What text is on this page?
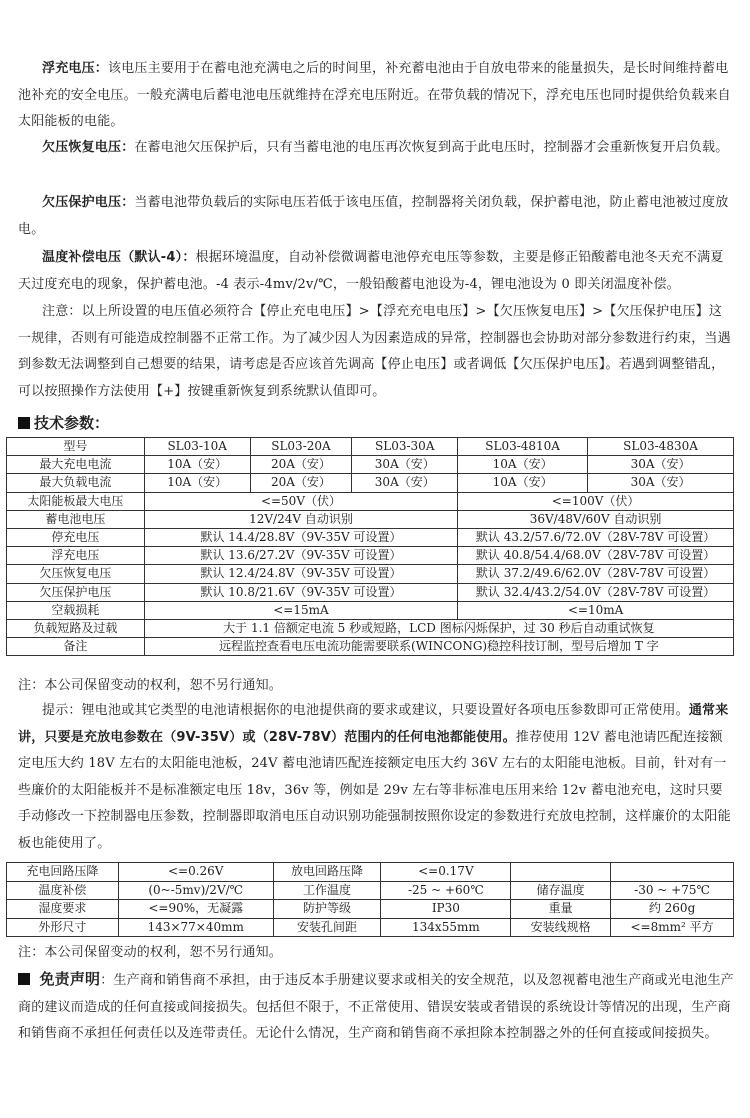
浮充电压：该电压主要用于在蓄电池充满电之后的时间里，补充蓄电池由于自放电带来的能量损失，是长时间维持蓄电池补充的安全电压。一般充满电后蓄电池电压就维持在浮充电压附近。在带负载的情况下，浮充电压也同时提供给负载来自太阳能板的电能。

欠压恢复电压：在蓄电池欠压保护后，只有当蓄电池的电压再次恢复到高于此电压时，控制器才会重新恢复开启负载。

欠压保护电压：当蓄电池带负载后的实际电压若低于该电压值，控制器将关闭负载，保护蓄电池，防止蓄电池被过度放电。

温度补偿电压（默认-4）：根据环境温度，自动补偿微调蓄电池停充电压等参数，主要是修正铅酸蓄电池冬天充不满夏天过度充电的现象，保护蓄电池。-4 表示-4mv/2v/℃，一般铅酸蓄电池设为-4，锂电池设为 0 即关闭温度补偿。

注意：以上所设置的电压值必须符合【停止充电电压】>【浮充充电电压】>【欠压恢复电压】>【欠压保护电压】这一规律，否则有可能造成控制器不正常工作。为了减少因人为因素造成的异常，控制器也会协助对部分参数进行约束，当遇到参数无法调整到自己想要的结果，请考虑是否应该首先调高【停止电压】或者调低【欠压保护电压】。若遇到调整错乱，可以按照操作方法使用【+】按键重新恢复到系统默认值即可。

技术参数：
型号	SL03-10A	SL03-20A	SL03-30A	SL03-4810A	SL03-4830A
最大充电电流	10A（安）	20A（安）	30A（安）	10A（安）	30A（安）
最大负载电流	10A（安）	20A（安）	30A（安）	10A（安）	30A（安）
太阳能板最大电压	<=50V（伏）			<=100V（伏）	
蓄电池电压	12V/24V 自动识别			36V/48V/60V 自动识别	
停充电压	默认 14.4/28.8V（9V-35V 可设置）			默认 43.2/57.6/72.0V（28V-78V 可设置）	
浮充电压	默认 13.6/27.2V（9V-35V 可设置）			默认 40.8/54.4/68.0V（28V-78V 可设置）	
欠压恢复电压	默认 12.4/24.8V（9V-35V 可设置）			默认 37.2/49.6/62.0V（28V-78V 可设置）	
欠压保护电压	默认 10.8/21.6V（9V-35V 可设置）			默认 32.4/43.2/54.0V（28V-78V 可设置）	
空载损耗	<=15mA			<=10mA	
负载短路及过载	大于 1.1 倍额定电流 5 秒或短路，LCD 图标闪烁保护，过 30 秒后自动重试恢复				
备注	远程监控查看电压电流功能需要联系(WINCONG)稳控科技订制，型号后增加 T 字				

注：本公司保留变动的权利，恕不另行通知。

提示：锂电池或其它类型的电池请根据你的电池提供商的要求或建议，只要设置好各项电压参数即可正常使用。通常来讲，只要是充放电参数在（9V-35V）或（28V-78V）范围内的任何电池都能使用。推荐使用 12V 蓄电池请匹配连接额定电压大约 18V 左右的太阳能电池板，24V 蓄电池请匹配连接额定电压大约 36V 左右的太阳能电池板。目前，针对有一些廉价的太阳能板并不是标准额定电压 18v，36v 等，例如是 29v 左右等非标准电压用来给 12v 蓄电池充电，这时只要手动修改一下控制器电压参数，控制器即取消电压自动识别功能强制按照你设定的参数进行充放电控制，这样廉价的太阳能板也能使用了。

充电回路压降	<=0.26V	放电回路压降	<=0.17V		
温度补偿	(0~-5mv)/2V/℃	工作温度	-25 ~ +60℃	储存温度	-30 ~ +75℃
湿度要求	<=90%，无凝露	防护等级	IP30	重量	约 260g
外形尺寸	143×77×40mm	安装孔间距	134x55mm	安装线规格	<=8mm² 平方

注：本公司保留变动的权利，恕不另行通知。

免责声明：生产商和销售商不承担，由于违反本手册建议要求或相关的安全规范，以及忽视蓄电池生产商或光电池生产商的建议而造成的任何直接或间接损失。包括但不限于，不正常使用、错误安装或者错误的系统设计等情况的出现，生产商和销售商不承担任何责任以及连带责任。无论什么情况，生产商和销售商不承担除本控制器之外的任何直接或间接损失。
